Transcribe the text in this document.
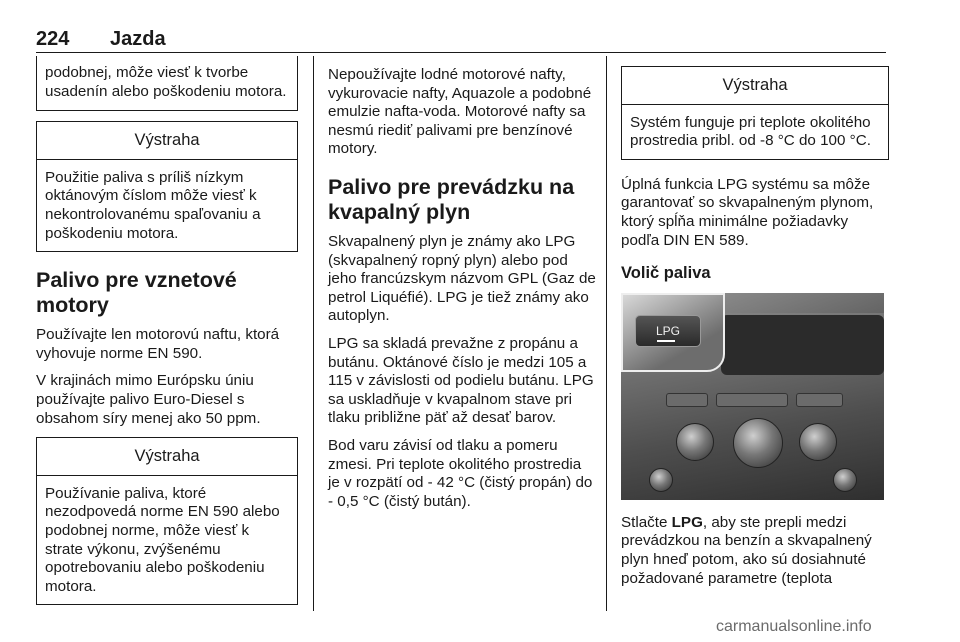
224 Jazda
podobnej, môže viesť k tvorbe usadenín alebo poškodeniu motora.
Výstraha
Použitie paliva s príliš nízkym oktánovým číslom môže viesť k nekontrolovanému spaľovaniu a poškodeniu motora.
Palivo pre vznetové motory

Používajte len motorovú naftu, ktorá vyhovuje norme EN 590.

V krajinách mimo Európsku úniu používajte palivo Euro-Diesel s obsahom síry menej ako 50 ppm.

Výstraha
Používanie paliva, ktoré nezodpovedá norme EN 590 alebo podobnej norme, môže viesť k strate výkonu, zvýšenému opotrebovaniu alebo poškodeniu motora.

Nepoužívajte lodné motorové nafty, vykurovacie nafty, Aquazole a podobné emulzie nafta-voda. Motorové nafty sa nesmú riediť palivami pre benzínové motory.

Palivo pre prevádzku na kvapalný plyn

Skvapalnený plyn je známy ako LPG (skvapalnený ropný plyn) alebo pod jeho francúzskym názvom GPL (Gaz de petrol Liquéfié). LPG je tiež známy ako autoplyn.

LPG sa skladá prevažne z propánu a butánu. Oktánové číslo je medzi 105 a 115 v závislosti od podielu butánu. LPG sa uskladňuje v kvapalnom stave pri tlaku približne päť až desať barov.

Bod varu závisí od tlaku a pomeru zmesi. Pri teplote okolitého prostredia je v rozpätí od - 42 °C (čistý propán) do - 0,5 °C (čistý bután).

Výstraha
Systém funguje pri teplote okolitého prostredia pribl. od -8 °C do 100 °C.

Úplná funkcia LPG systému sa môže garantovať so skvapalneným plynom, ktorý spĺňa minimálne požiadavky podľa DIN EN 589.

Volič paliva
LPG

Stlačte LPG, aby ste prepli medzi prevádzkou na benzín a skvapalnený plyn hneď potom, ako sú dosiahnuté požadované parametre (teplota

carmanualsonline.info
